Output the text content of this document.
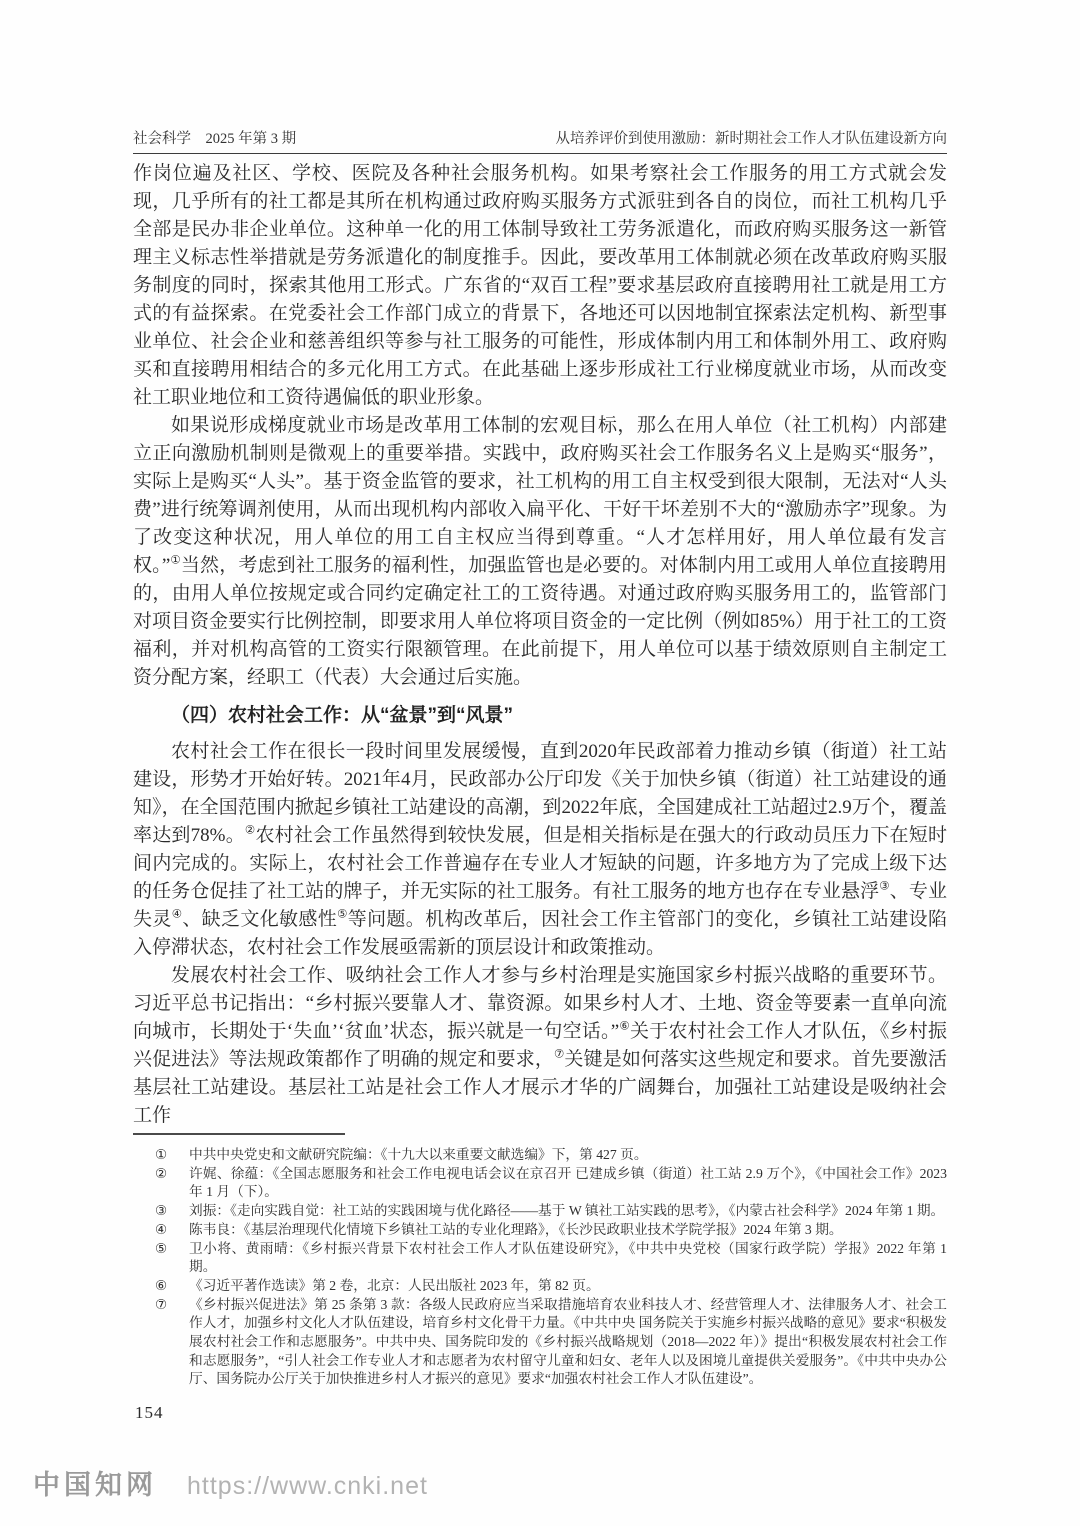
社会科学　2025 年第 3 期	从培养评价到使用激励：新时期社会工作人才队伍建设新方向

作岗位遍及社区、学校、医院及各种社会服务机构。如果考察社会工作服务的用工方式就会发现，几乎所有的社工都是其所在机构通过政府购买服务方式派驻到各自的岗位，而社工机构几乎全部是民办非企业单位。这种单一化的用工体制导致社工劳务派遣化，而政府购买服务这一新管理主义标志性举措就是劳务派遣化的制度推手。因此，要改革用工体制就必须在改革政府购买服务制度的同时，探索其他用工形式。广东省的“双百工程”要求基层政府直接聘用社工就是用工方式的有益探索。在党委社会工作部门成立的背景下，各地还可以因地制宜探索法定机构、新型事业单位、社会企业和慈善组织等参与社工服务的可能性，形成体制内用工和体制外用工、政府购买和直接聘用相结合的多元化用工方式。在此基础上逐步形成社工行业梯度就业市场，从而改变社工职业地位和工资待遇偏低的职业形象。

如果说形成梯度就业市场是改革用工体制的宏观目标，那么在用人单位（社工机构）内部建立正向激励机制则是微观上的重要举措。实践中，政府购买社会工作服务名义上是购买“服务”，实际上是购买“人头”。基于资金监管的要求，社工机构的用工自主权受到很大限制，无法对“人头费”进行统筹调剂使用，从而出现机构内部收入扁平化、干好干坏差别不大的“激励赤字”现象。为了改变这种状况，用人单位的用工自主权应当得到尊重。“人才怎样用好，用人单位最有发言权。”①当然，考虑到社工服务的福利性，加强监管也是必要的。对体制内用工或用人单位直接聘用的，由用人单位按规定或合同约定确定社工的工资待遇。对通过政府购买服务用工的，监管部门对项目资金要实行比例控制，即要求用人单位将项目资金的一定比例（例如85%）用于社工的工资福利，并对机构高管的工资实行限额管理。在此前提下，用人单位可以基于绩效原则自主制定工资分配方案，经职工（代表）大会通过后实施。

（四）农村社会工作：从“盆景”到“风景”

农村社会工作在很长一段时间里发展缓慢，直到2020年民政部着力推动乡镇（街道）社工站建设，形势才开始好转。2021年4月，民政部办公厅印发《关于加快乡镇（街道）社工站建设的通知》，在全国范围内掀起乡镇社工站建设的高潮，到2022年底，全国建成社工站超过2.9万个，覆盖率达到78%。②农村社会工作虽然得到较快发展，但是相关指标是在强大的行政动员压力下在短时间内完成的。实际上，农村社会工作普遍存在专业人才短缺的问题，许多地方为了完成上级下达的任务仓促挂了社工站的牌子，并无实际的社工服务。有社工服务的地方也存在专业悬浮③、专业失灵④、缺乏文化敏感性⑤等问题。机构改革后，因社会工作主管部门的变化，乡镇社工站建设陷入停滞状态，农村社会工作发展亟需新的顶层设计和政策推动。

发展农村社会工作、吸纳社会工作人才参与乡村治理是实施国家乡村振兴战略的重要环节。习近平总书记指出：“乡村振兴要靠人才、靠资源。如果乡村人才、土地、资金等要素一直单向流向城市，长期处于‘失血’‘贫血’状态，振兴就是一句空话。”⑥关于农村社会工作人才队伍，《乡村振兴促进法》等法规政策都作了明确的规定和要求，⑦关键是如何落实这些规定和要求。首先要激活基层社工站建设。基层社工站是社会工作人才展示才华的广阔舞台，加强社工站建设是吸纳社会工作

①	中共中央党史和文献研究院编：《十九大以来重要文献选编》下，第 427 页。
②	许娓、徐蕴：《全国志愿服务和社会工作电视电话会议在京召开 已建成乡镇（街道）社工站 2.9 万个》，《中国社会工作》2023 年 1 月（下）。
③	刘振：《走向实践自觉：社工站的实践困境与优化路径——基于 W 镇社工站实践的思考》，《内蒙古社会科学》2024 年第 1 期。
④	陈韦良：《基层治理现代化情境下乡镇社工站的专业化理路》，《长沙民政职业技术学院学报》2024 年第 3 期。
⑤	卫小将、黄雨晴：《乡村振兴背景下农村社会工作人才队伍建设研究》，《中共中央党校（国家行政学院）学报》2022 年第 1 期。
⑥	《习近平著作选读》第 2 卷，北京：人民出版社 2023 年，第 82 页。
⑦	《乡村振兴促进法》第 25 条第 3 款：各级人民政府应当采取措施培育农业科技人才、经营管理人才、法律服务人才、社会工作人才，加强乡村文化人才队伍建设，培育乡村文化骨干力量。《中共中央 国务院关于实施乡村振兴战略的意见》要求“积极发展农村社会工作和志愿服务”。中共中央、国务院印发的《乡村振兴战略规划（2018—2022 年）》提出“积极发展农村社会工作和志愿服务”，“引人社会工作专业人才和志愿者为农村留守儿童和妇女、老年人以及困境儿童提供关爱服务”。《中共中央办公厅、国务院办公厅关于加快推进乡村人才振兴的意见》要求“加强农村社会工作人才队伍建设”。
154
中国知网 https://www.cnki.net
